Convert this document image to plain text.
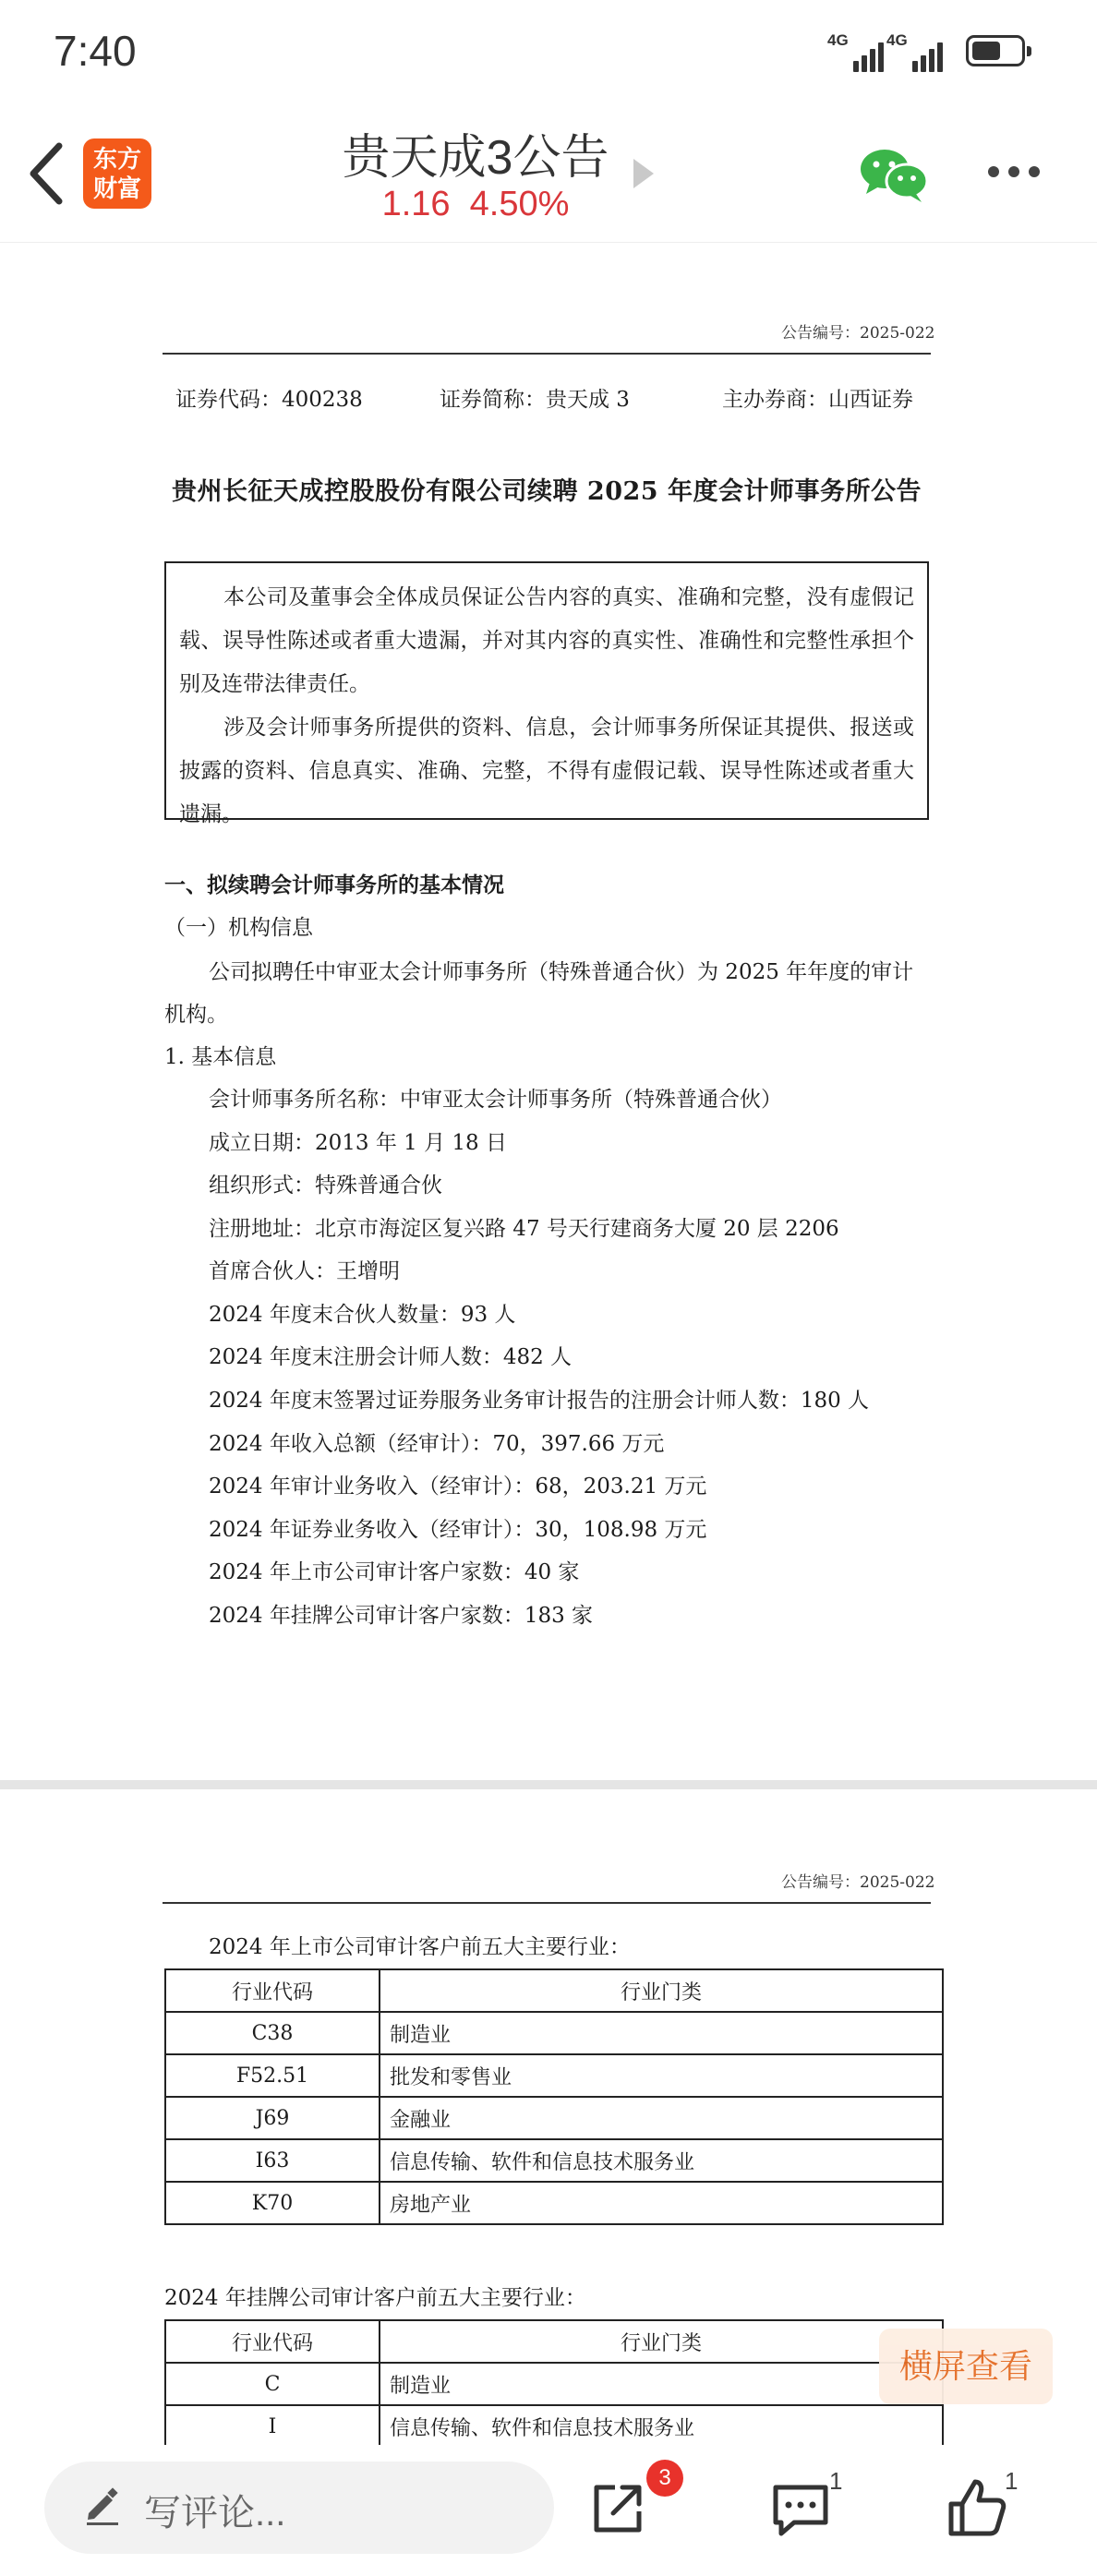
7:40	4G 4G
东方
财富
贵天成3公告
1.16 4.50%
公告编号：2025-022
证券代码：400238	证券简称：贵天成 3	主办券商：山西证券
贵州长征天成控股股份有限公司续聘 2025 年度会计师事务所公告

本公司及董事会全体成员保证公告内容的真实、准确和完整，没有虚假记载、误导性陈述或者重大遗漏，并对其内容的真实性、准确性和完整性承担个别及连带法律责任。

涉及会计师事务所提供的资料、信息，会计师事务所保证其提供、报送或披露的资料、信息真实、准确、完整，不得有虚假记载、误导性陈述或者重大遗漏。

一、拟续聘会计师事务所的基本情况
（一）机构信息
公司拟聘任中审亚太会计师事务所（特殊普通合伙）为 2025 年年度的审计机构。
1. 基本信息
会计师事务所名称：中审亚太会计师事务所（特殊普通合伙）
成立日期：2013 年 1 月 18 日
组织形式：特殊普通合伙
注册地址：北京市海淀区复兴路 47 号天行建商务大厦 20 层 2206
首席合伙人：王增明
2024 年度末合伙人数量：93 人
2024 年度末注册会计师人数：482 人
2024 年度末签署过证券服务业务审计报告的注册会计师人数：180 人
2024 年收入总额（经审计）：70，397.66 万元
2024 年审计业务收入（经审计）：68，203.21 万元
2024 年证券业务收入（经审计）：30，108.98 万元
2024 年上市公司审计客户家数：40 家
2024 年挂牌公司审计客户家数：183 家
公告编号：2025-022
2024 年上市公司审计客户前五大主要行业：
行业代码	行业门类
C38	制造业
F52.51	批发和零售业
J69	金融业
I63	信息传输、软件和信息技术服务业
K70	房地产业
2024 年挂牌公司审计客户前五大主要行业：
行业代码	行业门类
C	制造业
I	信息传输、软件和信息技术服务业
横屏查看
写评论...
3	1	1
